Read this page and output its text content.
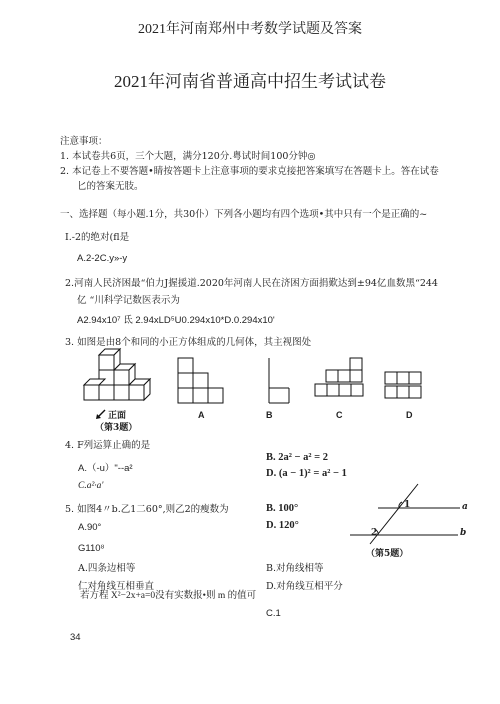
2021年河南郑州中考数学试题及答案
2021年河南省普通高中招生考试试卷
注意事项：
1. 本试卷共6页，三个大题，满分120分.粤试时间100分钟◎
2. 本记卷上不要答题•睛按答题卡上注意事项的要求克接把答案填写在答题卡上。答在试卷
匕的答案无肢。
一、选择题（每小题.1分，共30仆）下列各小题均有四个选项•其中只有一个是正确的~
I.-2的绝对(fl是
A.2-2C.y»-y
2.河南人民济困最“伯力J握援道.2020年河南人民在济困方面捐歎达到±94亿血数黑“244
亿 “川科学记数医表示为
A2.94x10⁷ 氐 2.94xLD⁵U0.294x10*D.0.294x10'
3. 如图是由8个和同的小正方体组成的几何体，其主视图处
正面
（第3题）
A	B	C	D
4. F列运算止确的是
A.（-u）"--a²
B. 2a² − a² = 2
C.a²·a'
D. (a − 1)² = a² − 1
5. 如图4〃b.乙1二60°,则乙2的瘦数为
A.90°
B. 100°
G110⁸
D. 120°
1
2
a
b
（第5题）
A.四条边相等	B.对角线相等
仁对角线互相垂直	D.对角线互相平分
若方程 X²−2x+a=0没有实数报•则 m 的值可
C.1
34
